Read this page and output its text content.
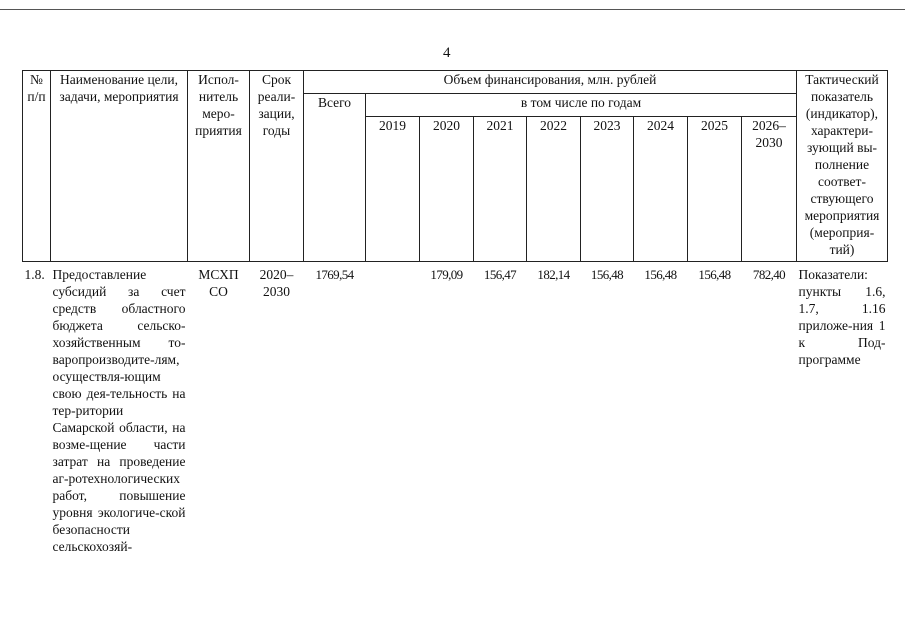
4
№ п/п	Наименование цели, задачи, мероприятия	Испол-нитель меро-приятия	Срок реали-зации, годы	Объем финансирования, млн. рублей									Тактический показатель (индикатор), характери-зующий вы-полнение соответ-ствующего мероприятия (мероприя-тий)
				Всего	в том числе по годам								
					2019	2020	2021	2022	2023	2024	2025	2026–2030	
1.8.	Предоставление субсидий за счет средств областного бюджета сельско-хозяйственным то-варопроизводите-лям, осуществля-ющим свою дея-тельность на тер-ритории Самарской области, на возме-щение части затрат на проведение аг-ротехнологических работ, повышение уровня экологиче-ской безопасности сельскохозяй-	МСХП СО	2020–2030	1769,54		179,09	156,47	182,14	156,48	156,48	156,48	782,40	Показатели: пункты 1.6, 1.7, 1.16 приложе-ния 1 к Под-программе
